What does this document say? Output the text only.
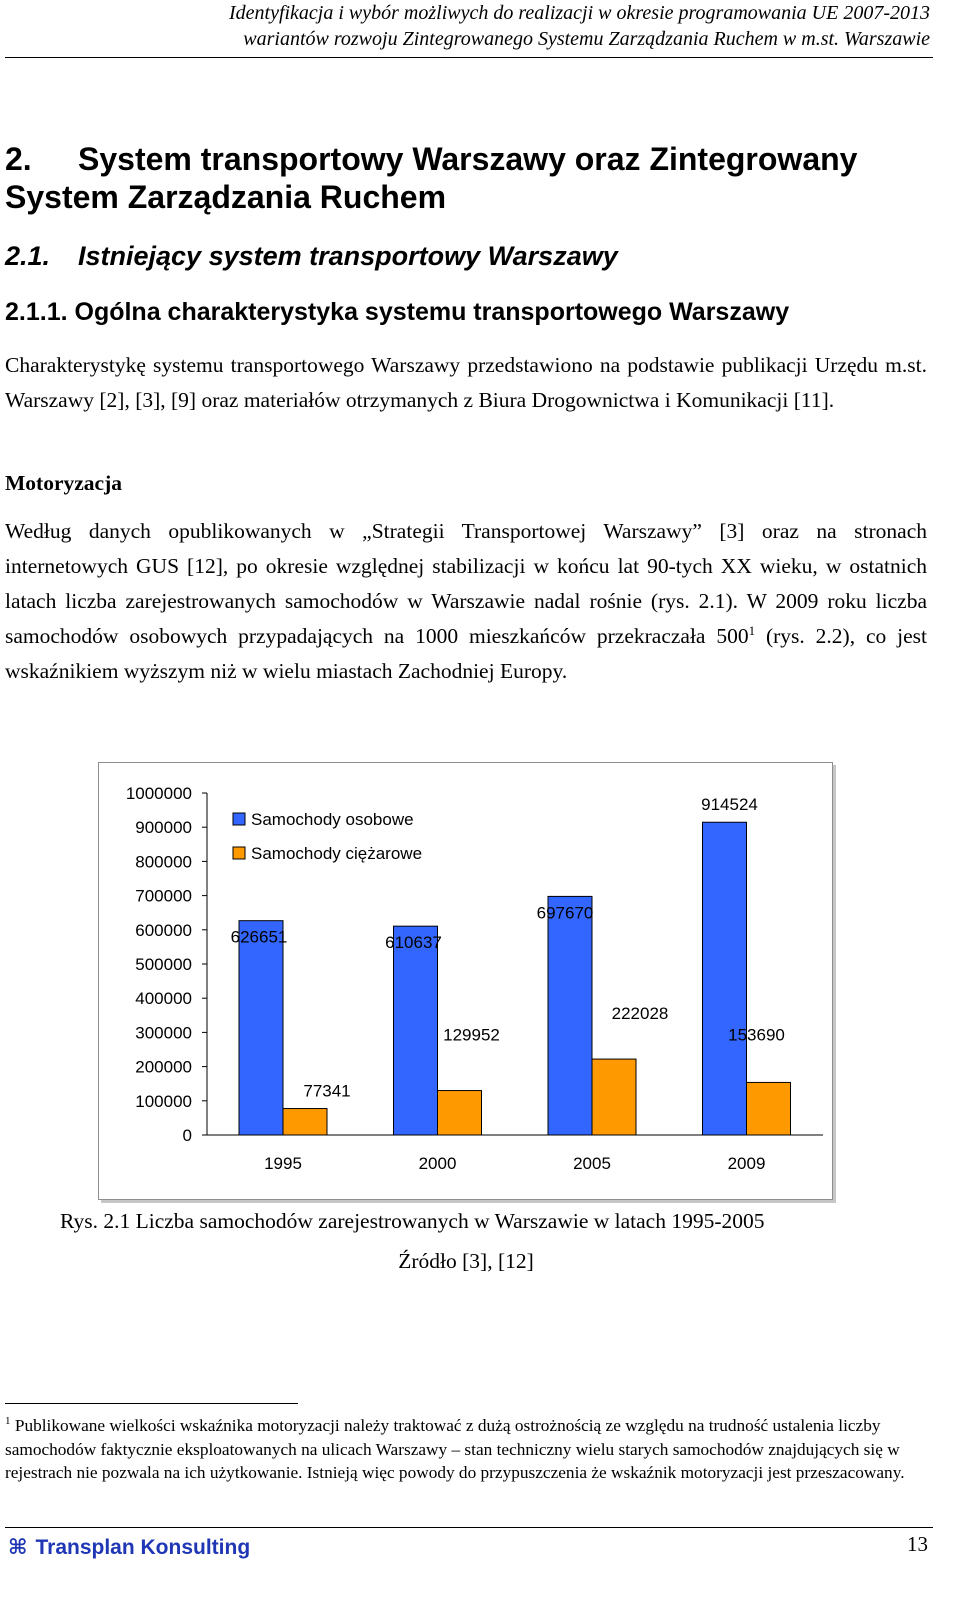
Identyfikacja i wybór możliwych do realizacji w okresie programowania UE 2007-2013
wariantów rozwoju Zintegrowanego Systemu Zarządzania Ruchem w m.st. Warszawie
2. System transportowy Warszawy oraz Zintegrowany System Zarządzania Ruchem
2.1. Istniejący system transportowy Warszawy
2.1.1. Ogólna charakterystyka systemu transportowego Warszawy
Charakterystykę systemu transportowego Warszawy przedstawiono na podstawie publikacji Urzędu m.st. Warszawy [2], [3], [9] oraz materiałów otrzymanych z Biura Drogownictwa i Komunikacji [11].
Motoryzacja
Według danych opublikowanych w „Strategii Transportowej Warszawy” [3] oraz na stronach internetowych GUS [12], po okresie względnej stabilizacji w końcu lat 90-tych XX wieku, w ostatnich latach liczba zarejestrowanych samochodów w Warszawie nadal rośnie (rys. 2.1). W 2009 roku liczba samochodów osobowych przypadających na 1000 mieszkańców przekraczała $500^1$ (rys. 2.2), co jest wskaźnikiem wyższym niż w wielu miastach Zachodniej Europy.
1000000
900000
800000
700000
600000
500000
400000
300000
200000
100000
0
626651
77341
1995
610637
129952
2000
697670
222028
2005
914524
153690
2009
Samochody osobowe
Samochody ciężarowe
Rys. 2.1 Liczba samochodów zarejestrowanych w Warszawie w latach 1995-2005
Źródło [3], [12]
$^1$ Publikowane wielkości wskaźnika motoryzacji należy traktować z dużą ostrożnością ze względu na trudność ustalenia liczby samochodów faktycznie eksploatowanych na ulicach Warszawy – stan techniczny wielu starych samochodów znajdujących się w rejestrach nie pozwala na ich użytkowanie. Istnieją więc powody do przypuszczenia że wskaźnik motoryzacji jest przeszacowany.
⌘ Transplan Konsulting	13
